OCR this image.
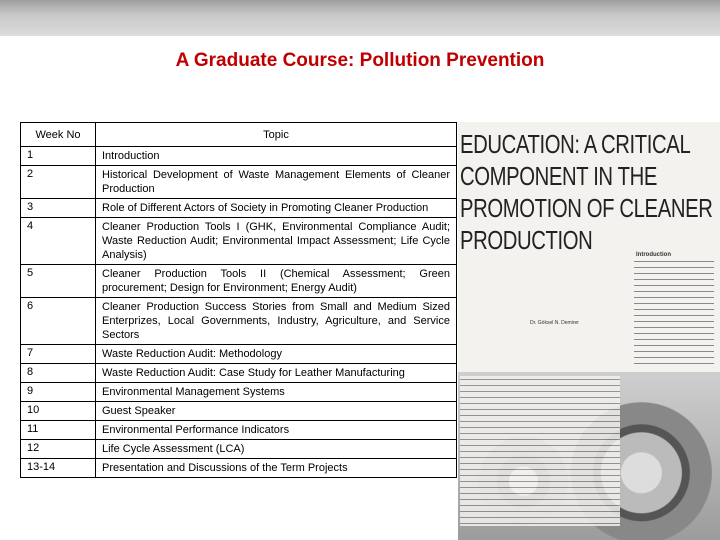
A Graduate Course: Pollution Prevention
Week No	Topic
1	Introduction
2	Historical Development of Waste Management Elements of Cleaner Production
3	Role of Different Actors of Society in Promoting Cleaner Production
4	Cleaner Production Tools I (GHK, Environmental Compliance Audit; Waste Reduction Audit; Environmental Impact Assessment; Life Cycle Analysis)
5	Cleaner Production Tools II (Chemical Assessment; Green procurement; Design for Environment; Energy Audit)
6	Cleaner Production Success Stories from Small and Medium Sized Enterprizes, Local Governments, Industry, Agriculture, and Service Sectors
7	Waste Reduction Audit: Methodology
8	Waste Reduction Audit: Case Study for Leather Manufacturing
9	Environmental Management Systems
10	Guest Speaker
11	Environmental Performance Indicators
12	Life Cycle Assessment (LCA)
13-14	Presentation and Discussions of the Term Projects
EDUCATION: A CRITICAL COMPONENT IN THE PROMOTION OF CLEANER PRODUCTION
Dr. Göksel N. Demirer
Introduction
